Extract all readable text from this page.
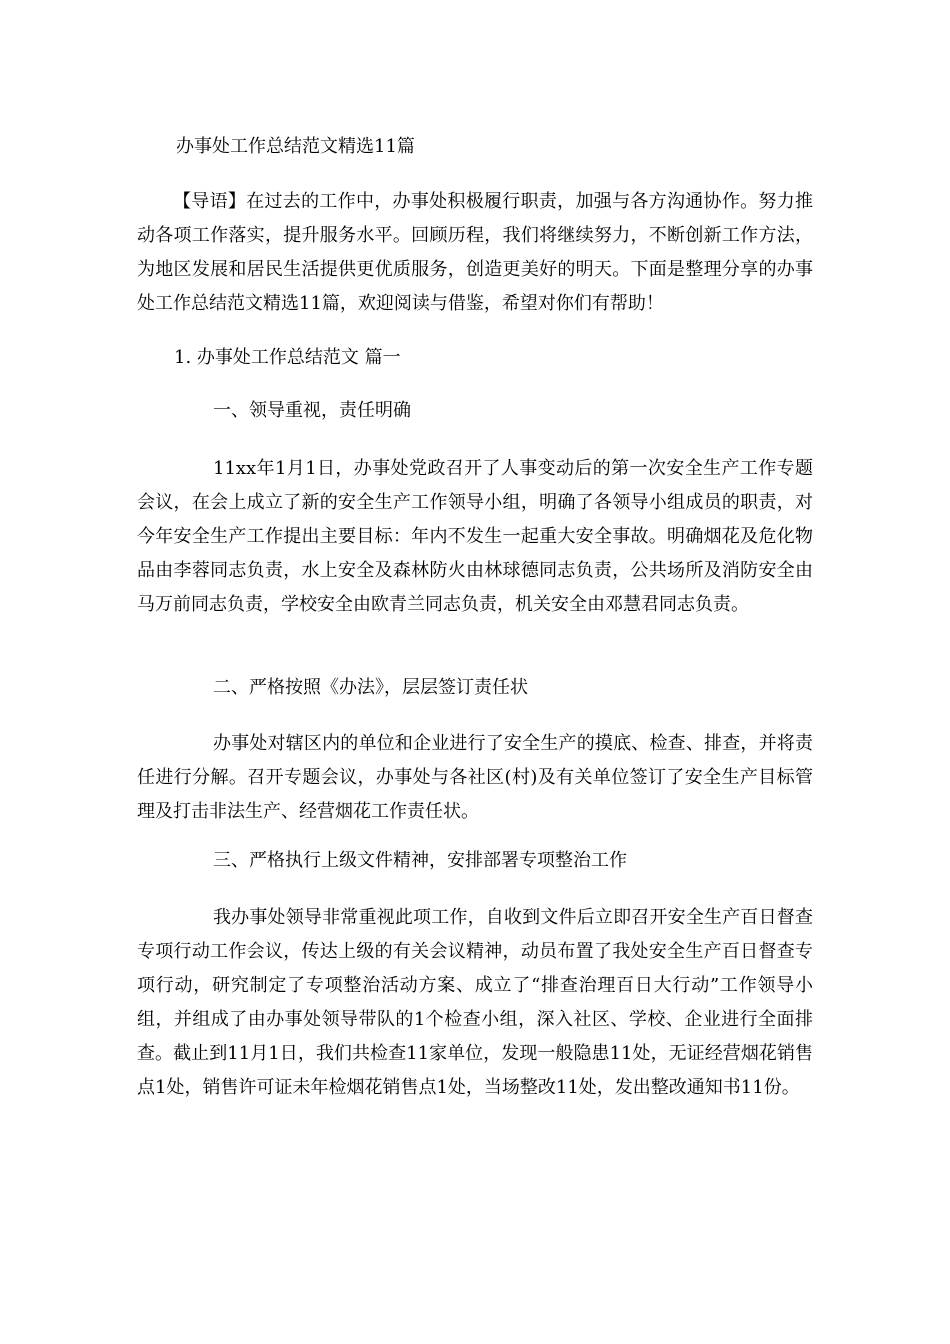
办事处工作总结范文精选11篇

【导语】在过去的工作中，办事处积极履行职责，加强与各方沟通协作。努力推动各项工作落实，提升服务水平。回顾历程，我们将继续努力，不断创新工作方法，为地区发展和居民生活提供更优质服务，创造更美好的明天。下面是整理分享的办事处工作总结范文精选11篇，欢迎阅读与借鉴，希望对你们有帮助！

1. 办事处工作总结范文 篇一
一、领导重视，责任明确

11xx年1月1日，办事处党政召开了人事变动后的第一次安全生产工作专题会议，在会上成立了新的安全生产工作领导小组，明确了各领导小组成员的职责，对今年安全生产工作提出主要目标：年内不发生一起重大安全事故。明确烟花及危化物品由李蓉同志负责，水上安全及森林防火由林球德同志负责，公共场所及消防安全由马万前同志负责，学校安全由欧青兰同志负责，机关安全由邓慧君同志负责。

二、严格按照《办法》，层层签订责任状

办事处对辖区内的单位和企业进行了安全生产的摸底、检查、排查，并将责任进行分解。召开专题会议，办事处与各社区(村)及有关单位签订了安全生产目标管理及打击非法生产、经营烟花工作责任状。

三、严格执行上级文件精神，安排部署专项整治工作

我办事处领导非常重视此项工作，自收到文件后立即召开安全生产百日督查专项行动工作会议，传达上级的有关会议精神，动员布置了我处安全生产百日督查专项行动，研究制定了专项整治活动方案、成立了“排查治理百日大行动”工作领导小组，并组成了由办事处领导带队的1个检查小组，深入社区、学校、企业进行全面排查。截止到11月1日，我们共检查11家单位，发现一般隐患11处，无证经营烟花销售点1处，销售许可证未年检烟花销售点1处，当场整改11处，发出整改通知书11份。
